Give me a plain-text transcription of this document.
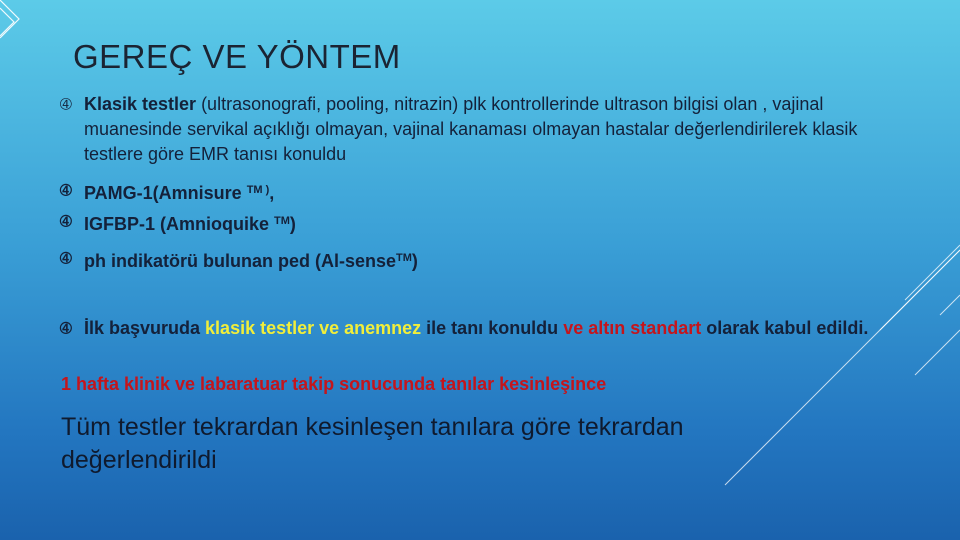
GEREÇ VE YÖNTEM
➃ Klasik testler (ultrasonografi, pooling, nitrazin) plk kontrollerinde ultrason bilgisi olan , vajinal muanesinde servikal açıklığı olmayan, vajinal kanaması olmayan hastalar değerlendirilerek klasik testlere göre EMR tanısı konuldu
➃ PAMG-1(Amnisure $^{TM )}$,
➃ IGFBP-1 (Amnioquike ™)
➃ ph indikatörü bulunan ped (Al-sense™)
➃ İlk başvuruda klasik testler ve anemnez ile tanı konuldu ve altın standart olarak kabul edildi.
1 hafta klinik ve labaratuar takip sonucunda tanılar kesinleşince
Tüm testler tekrardan kesinleşen tanılara göre tekrardan değerlendirildi
